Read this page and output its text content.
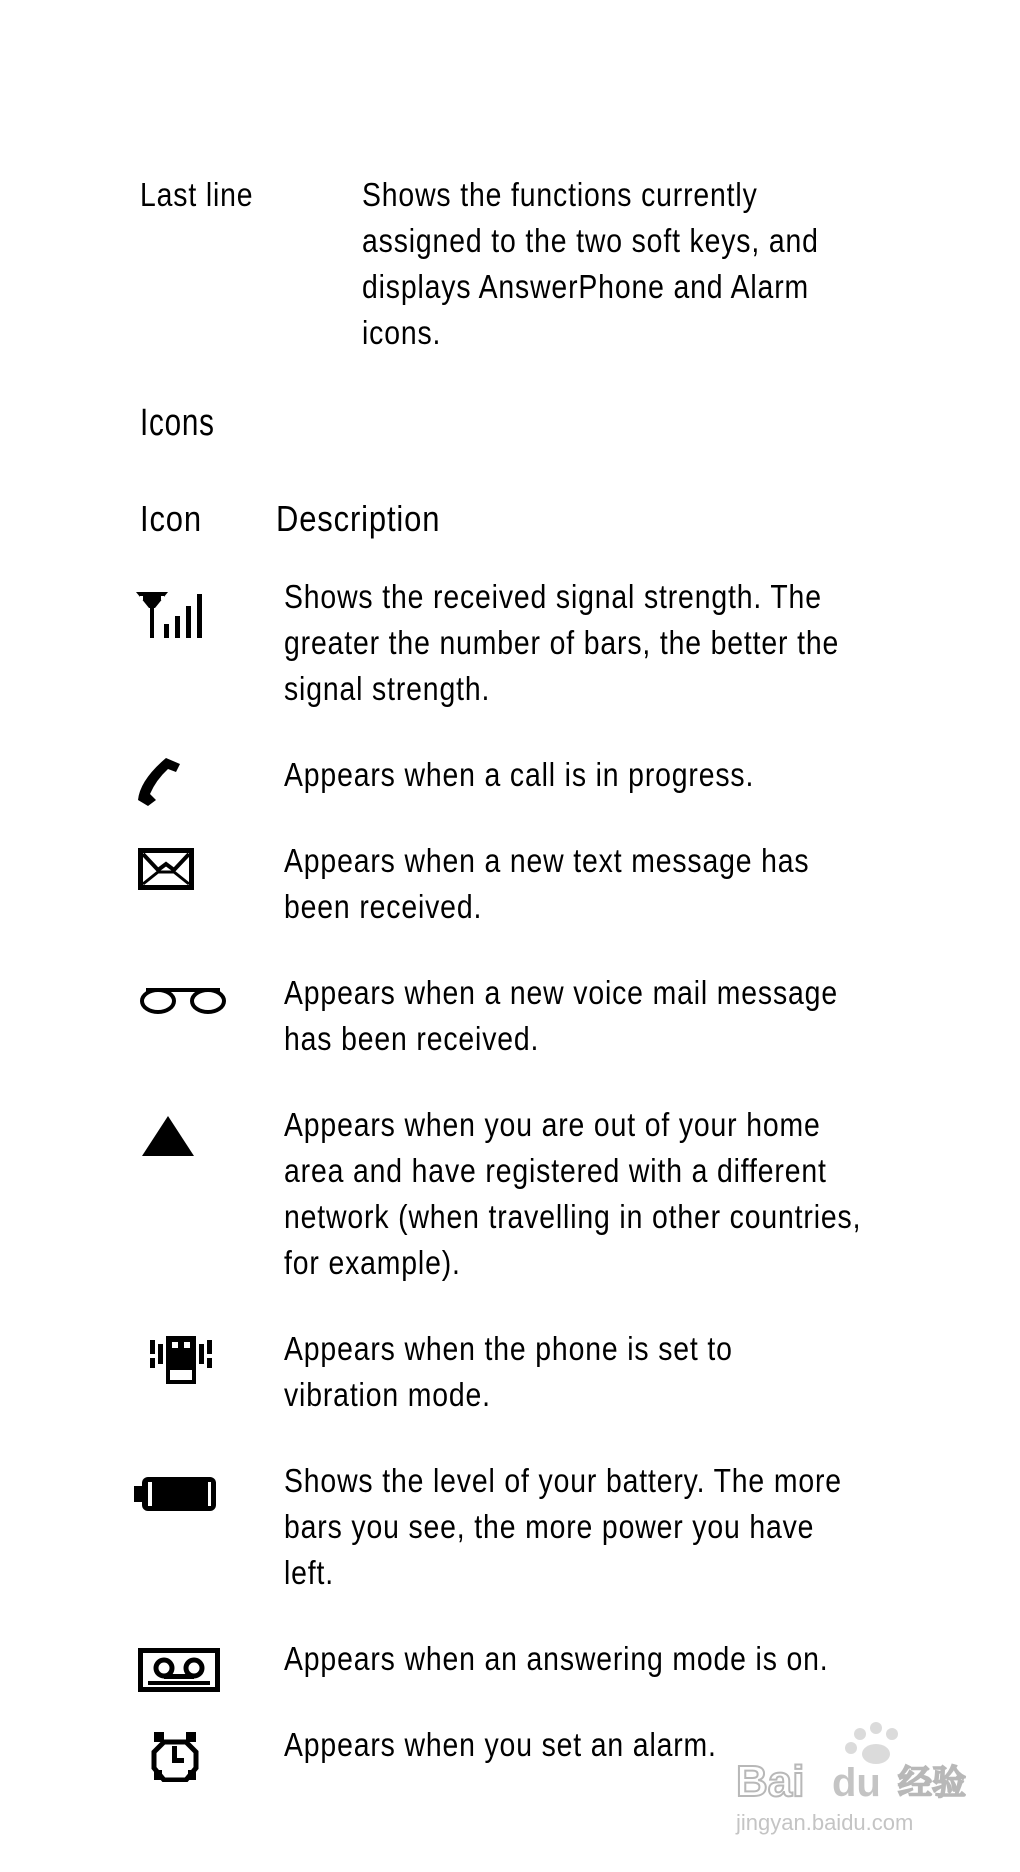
Last line	Shows the functions currently
assigned to the two soft keys, and
displays AnswerPhone and Alarm
icons.
Icons
Icon Description
Shows the received signal strength. The
greater the number of bars, the better the
signal strength.
Appears when a call is in progress.
Appears when a new text message has
been received.
Appears when a new voice mail message
has been received.
Appears when you are out of your home
area and have registered with a different
network (when travelling in other countries,
for example).
Appears when the phone is set to
vibration mode.
Shows the level of your battery. The more
bars you see, the more power you have
left.
Appears when an answering mode is on.
Appears when you set an alarm.
Bai du 经验
jingyan.baidu.com
